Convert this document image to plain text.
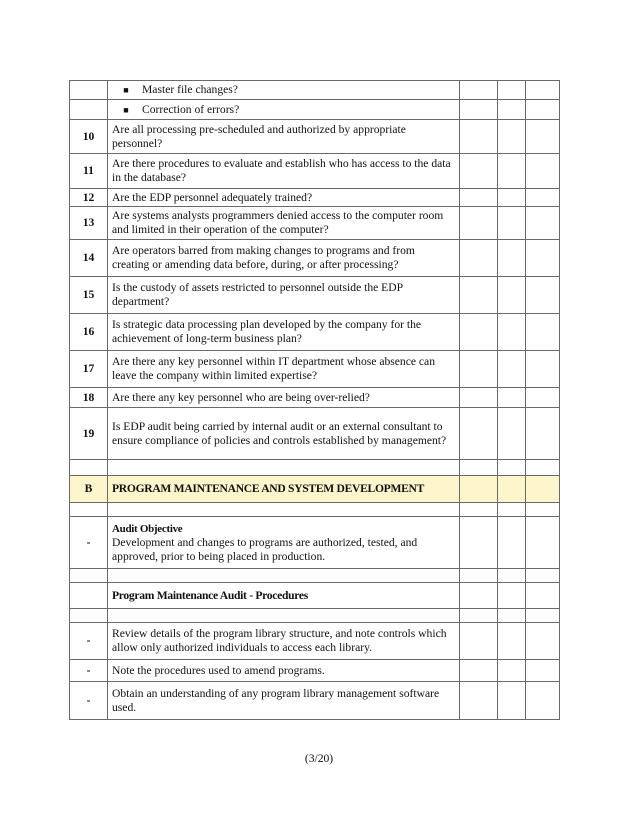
	■ Master file changes?			
	■ Correction of errors?			
10	Are all processing pre-scheduled and authorized by appropriate personnel?			
11	Are there procedures to evaluate and establish who has access to the data in the database?			
12	Are the EDP personnel adequately trained?			
13	Are systems analysts programmers denied access to the computer room and limited in their operation of the computer?			
14	Are operators barred from making changes to programs and from creating or amending data before, during, or after processing?			
15	Is the custody of assets restricted to personnel outside the EDP department?			
16	Is strategic data processing plan developed by the company for the achievement of long-term business plan?			
17	Are there any key personnel within IT department whose absence can leave the company within limited expertise?			
18	Are there any key personnel who are being over-relied?			
19	Is EDP audit being carried by internal audit or an external consultant to ensure compliance of policies and controls established by management?			

B	PROGRAM MAINTENANCE AND SYSTEM DEVELOPMENT			

-	Audit Objective
Development and changes to programs are authorized, tested, and approved, prior to being placed in production.			

	Program Maintenance Audit - Procedures			

-	Review details of the program library structure, and note controls which allow only authorized individuals to access each library.			
-	Note the procedures used to amend programs.			
-	Obtain an understanding of any program library management software used.			
(3/20)
